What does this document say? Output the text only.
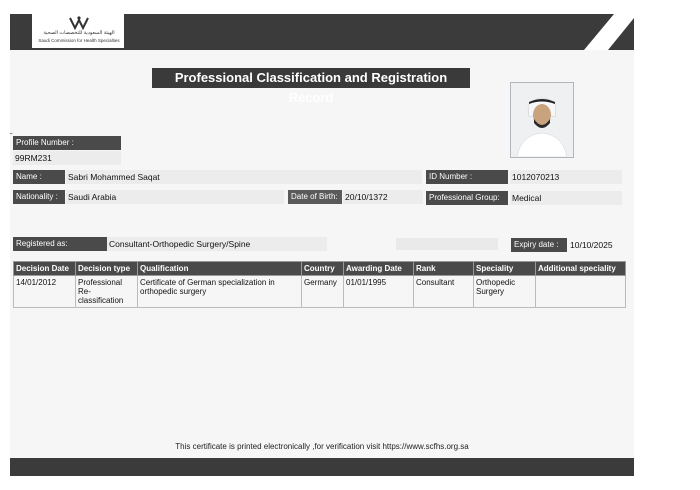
الهيئة السعودية للتخصصات الصحية
Saudi Commission for Health Specialties
Professional Classification and Registration Record
˘
Profile Number :
99RM231
Name :	Sabri Mohammed Saqat	ID Number :	1012070213
Nationality :	Saudi Arabia	Date of Birth: 20/10/1372	Professional Group:	Medical
Registered as:	Consultant-Orthopedic Surgery/Spine	Expiry date :	10/10/2025
Decision Date	Decision type	Qualification	Country	Awarding Date	Rank	Speciality	Additional speciality
14/01/2012	Professional Re-classification	Certificate of German specialization in orthopedic surgery	Germany	01/01/1995	Consultant	Orthopedic Surgery	
This certificate is printed electronically ,for verification visit https://www.scfhs.org.sa
